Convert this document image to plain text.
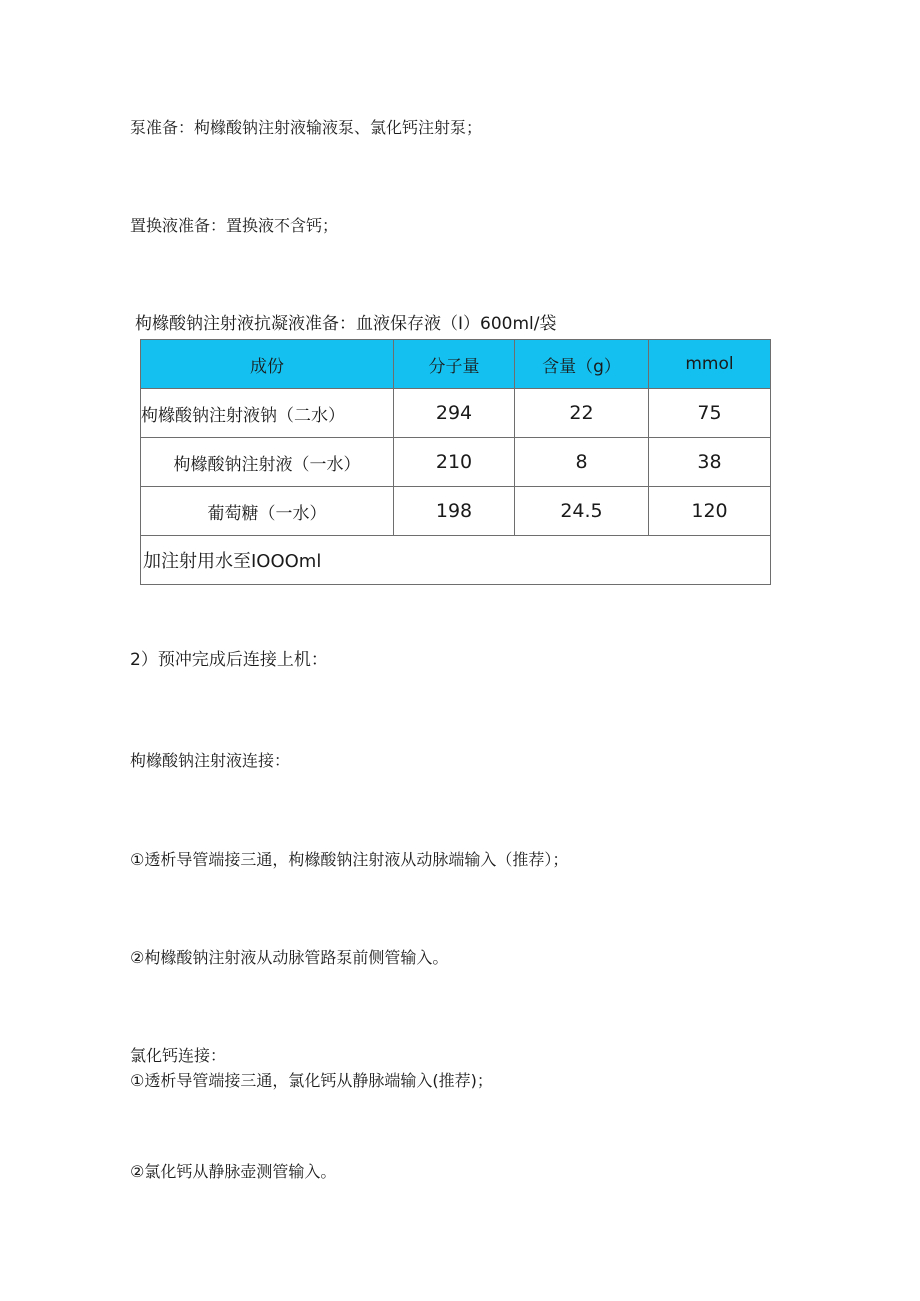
泵准备：枸橼酸钠注射液输液泵、氯化钙注射泵；
置换液准备：置换液不含钙；
枸橼酸钠注射液抗凝液准备：血液保存液（I）600ml/袋
成份	分子量	含量（g）	mmol
枸橼酸钠注射液钠（二水）	294	22	75
枸橼酸钠注射液（一水）	210	8	38
葡萄糖（一水）	198	24.5	120
加注射用水至IOOOml			
2）预冲完成后连接上机：
枸橼酸钠注射液连接：
①透析导管端接三通，枸橼酸钠注射液从动脉端输入（推荐）；
②枸橼酸钠注射液从动脉管路泵前侧管输入。
氯化钙连接：
①透析导管端接三通，氯化钙从静脉端输入(推荐)；
②氯化钙从静脉壶测管输入。
